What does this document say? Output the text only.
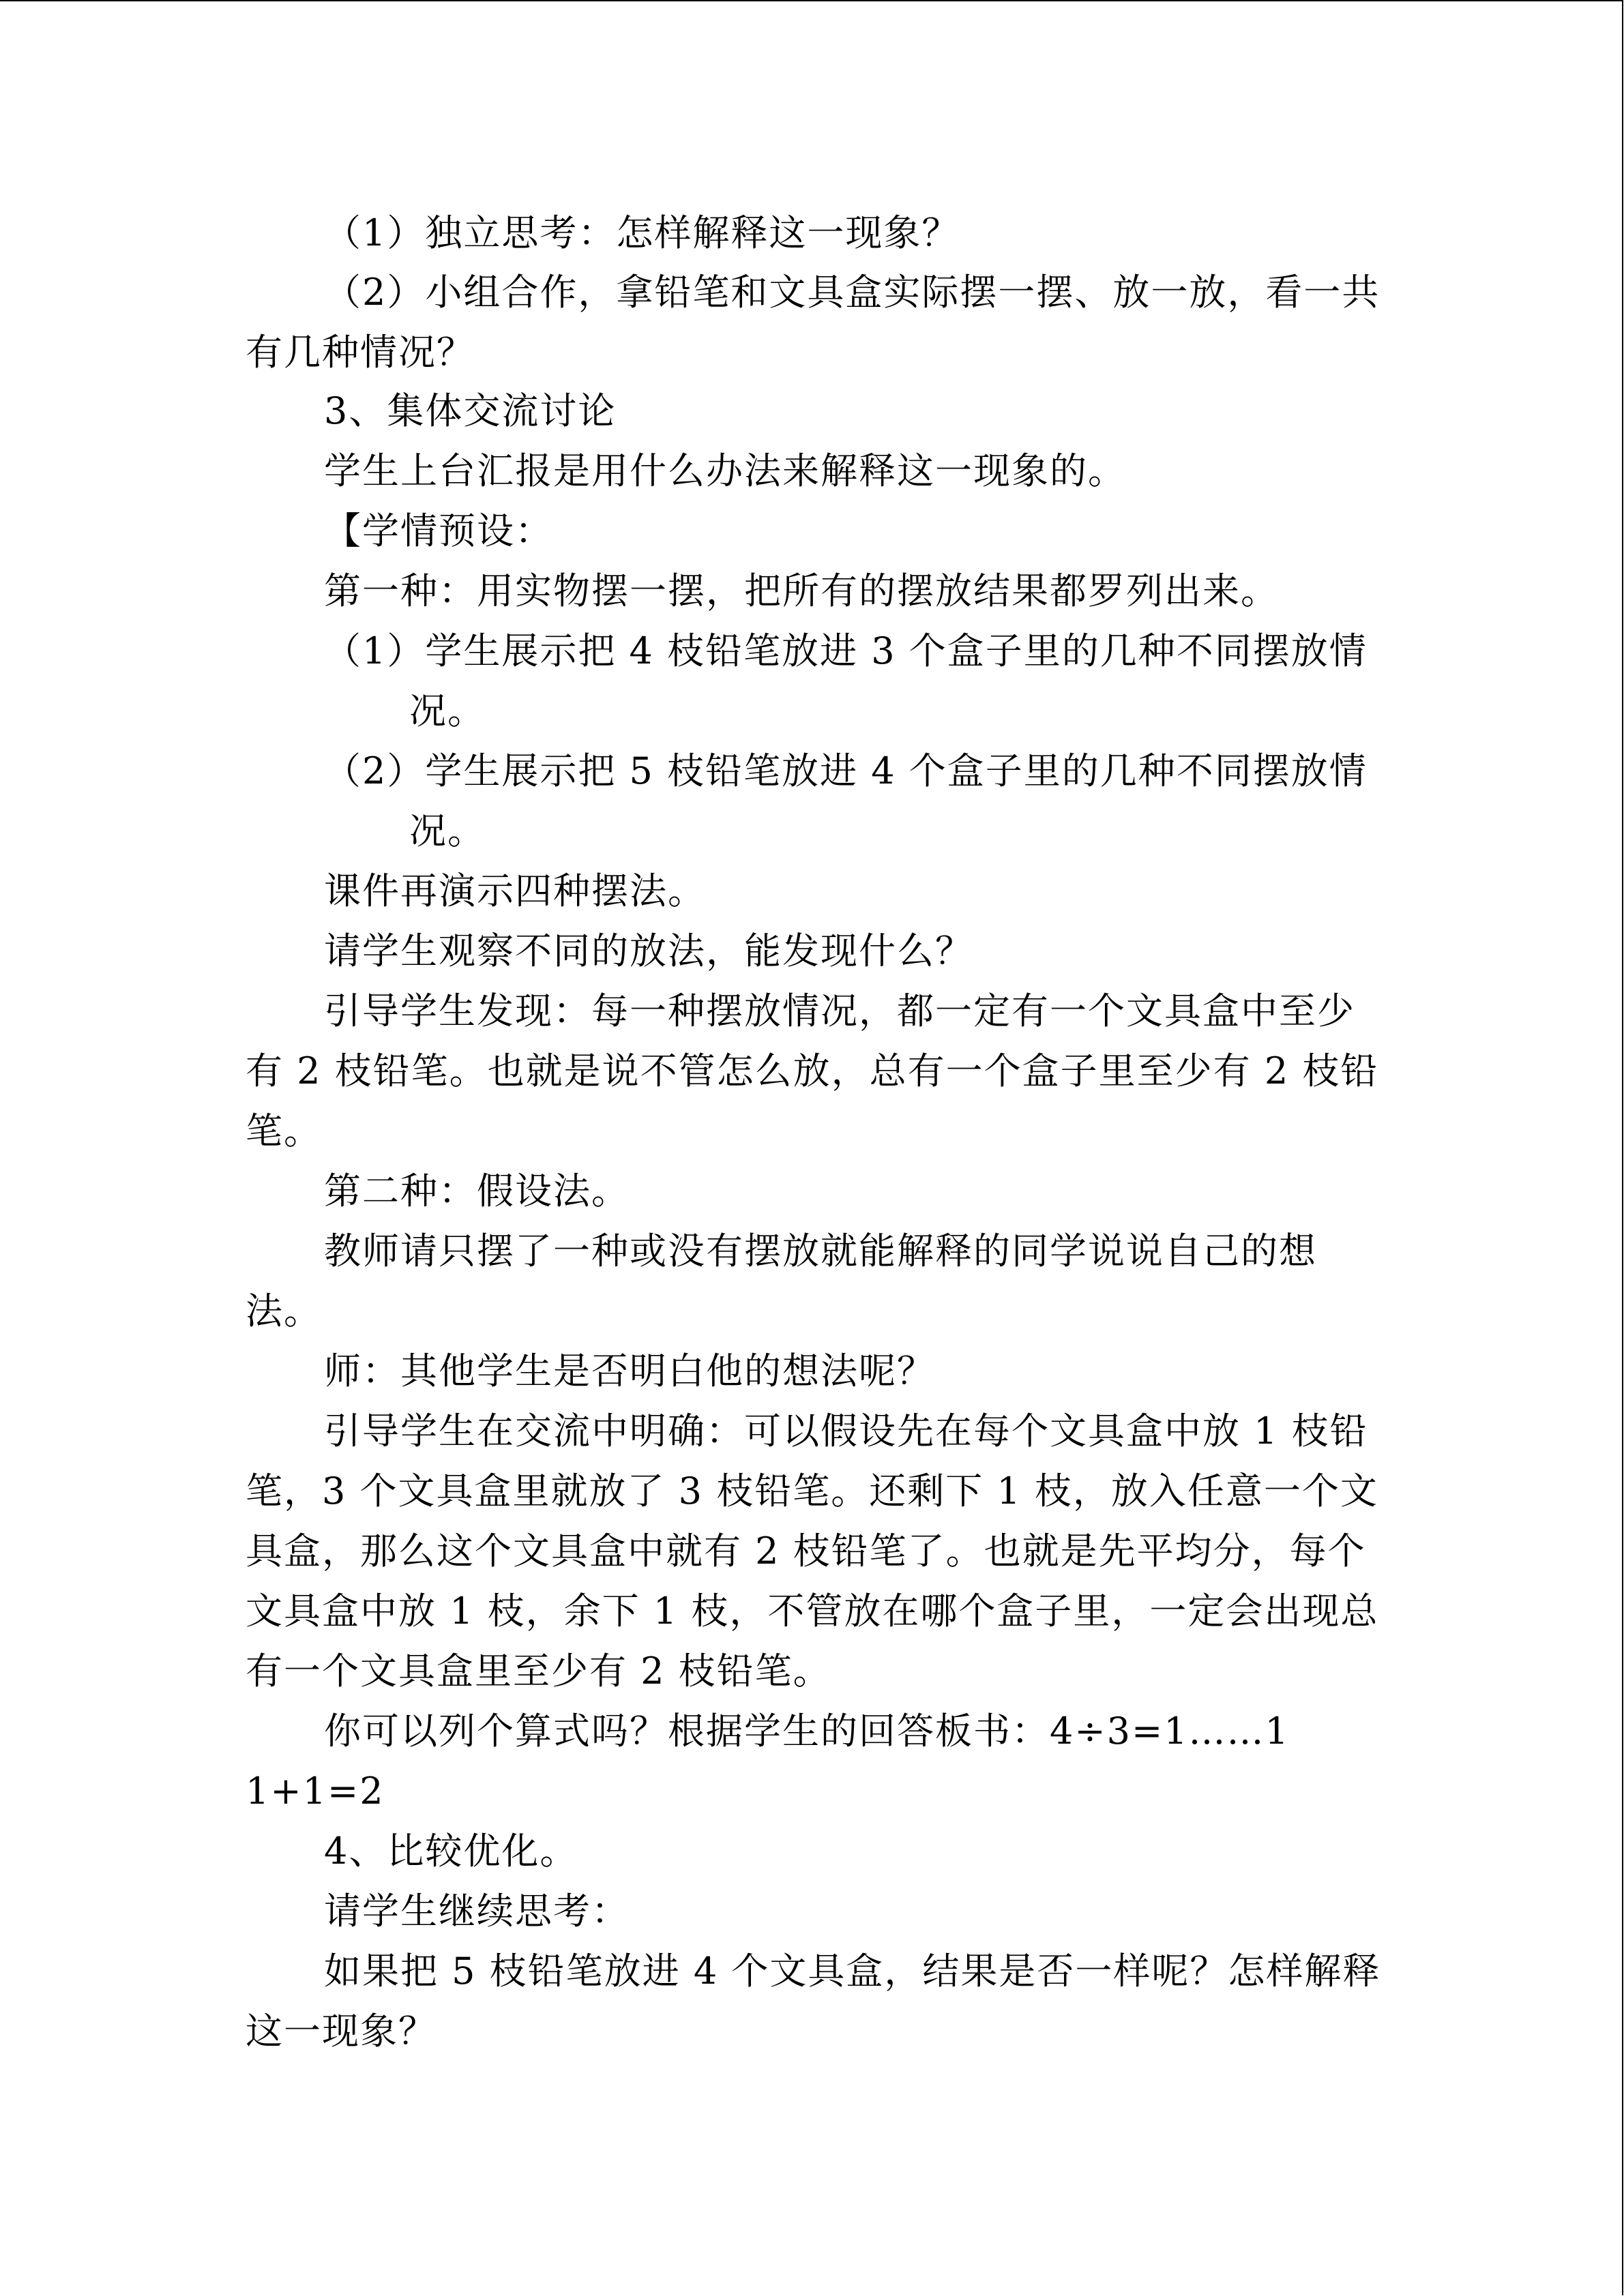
（1）独立思考：怎样解释这一现象？
（2）小组合作，拿铅笔和文具盒实际摆一摆、放一放，看一共
有几种情况？
3、集体交流讨论
学生上台汇报是用什么办法来解释这一现象的。
【学情预设：
第一种：用实物摆一摆，把所有的摆放结果都罗列出来。
（1）学生展示把 4 枝铅笔放进 3 个盒子里的几种不同摆放情
况。
（2）学生展示把 5 枝铅笔放进 4 个盒子里的几种不同摆放情
况。
课件再演示四种摆法。
请学生观察不同的放法，能发现什么？
引导学生发现：每一种摆放情况，都一定有一个文具盒中至少
有 2 枝铅笔。也就是说不管怎么放，总有一个盒子里至少有 2 枝铅
笔。
第二种：假设法。
教师请只摆了一种或没有摆放就能解释的同学说说自己的想
法。
师：其他学生是否明白他的想法呢？
引导学生在交流中明确：可以假设先在每个文具盒中放 1 枝铅
笔，3 个文具盒里就放了 3 枝铅笔。还剩下 1 枝，放入任意一个文
具盒，那么这个文具盒中就有 2 枝铅笔了。也就是先平均分，每个
文具盒中放 1 枝，余下 1 枝，不管放在哪个盒子里，一定会出现总
有一个文具盒里至少有 2 枝铅笔。
你可以列个算式吗？根据学生的回答板书：4÷3=1……1
1+1=2
4、比较优化。
请学生继续思考：
如果把 5 枝铅笔放进 4 个文具盒，结果是否一样呢？怎样解释
这一现象？
